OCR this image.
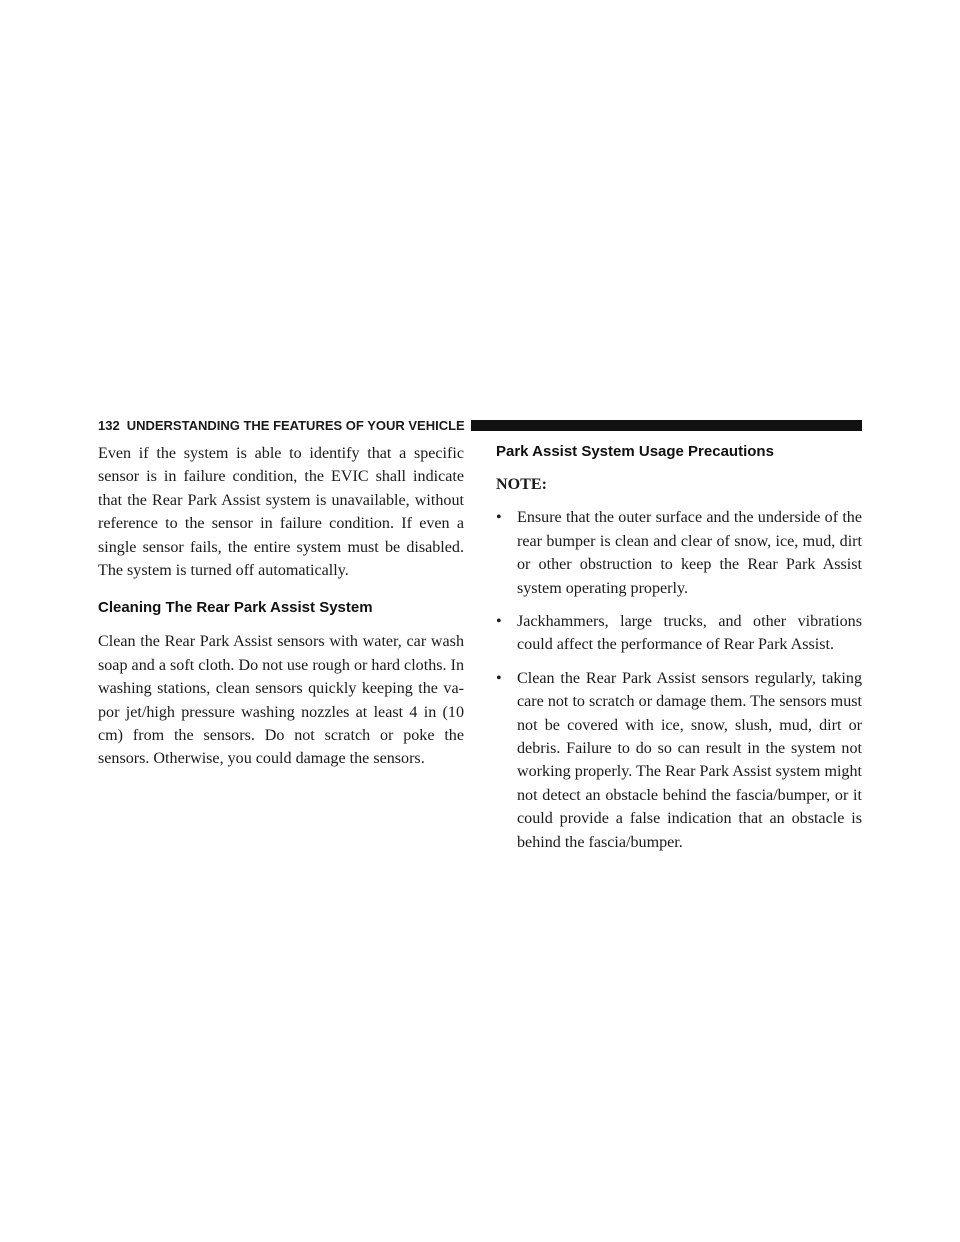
132 UNDERSTANDING THE FEATURES OF YOUR VEHICLE

Even if the system is able to identify that a specific sensor is in failure condition, the EVIC shall indicate that the Rear Park Assist system is unavailable, without reference to the sensor in failure condition. If even a single sensor fails, the entire system must be disabled. The system is turned off automatically.

Cleaning The Rear Park Assist System

Clean the Rear Park Assist sensors with water, car wash soap and a soft cloth. Do not use rough or hard cloths. In washing stations, clean sensors quickly keeping the va-por jet/high pressure washing nozzles at least 4 in (10 cm) from the sensors. Do not scratch or poke the sensors. Otherwise, you could damage the sensors.

Park Assist System Usage Precautions

NOTE:

• Ensure that the outer surface and the underside of the rear bumper is clean and clear of snow, ice, mud, dirt or other obstruction to keep the Rear Park Assist system operating properly.

• Jackhammers, large trucks, and other vibrations could affect the performance of Rear Park Assist.

• Clean the Rear Park Assist sensors regularly, taking care not to scratch or damage them. The sensors must not be covered with ice, snow, slush, mud, dirt or debris. Failure to do so can result in the system not working properly. The Rear Park Assist system might not detect an obstacle behind the fascia/bumper, or it could provide a false indication that an obstacle is behind the fascia/bumper.
